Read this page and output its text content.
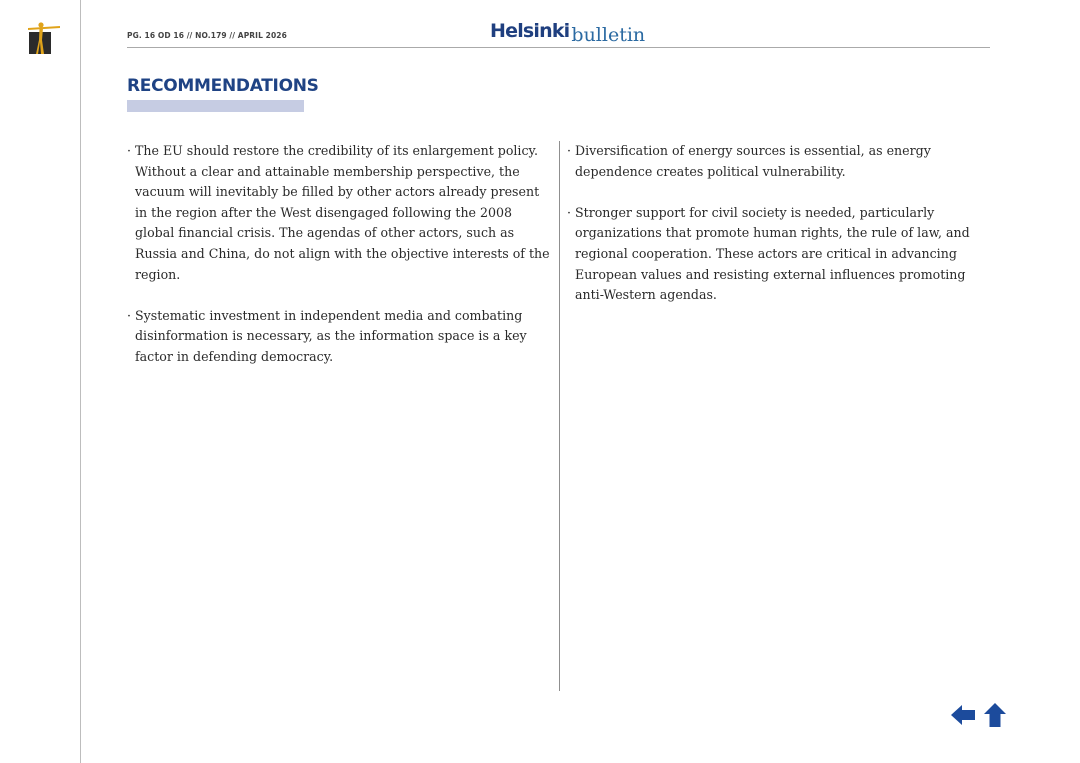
PG. 16 OD 16 // NO.179 // APRIL 2026	Helsinki bulletin
RECOMMENDATIONS

· The EU should restore the credibility of its enlargement policy. Without a clear and attainable membership perspective, the vacuum will inevitably be filled by other actors already present in the region after the West disengaged following the 2008 global financial crisis. The agendas of other actors, such as Russia and China, do not align with the objective interests of the region.

· Systematic investment in independent media and combating disinformation is necessary, as the information space is a key factor in defending democracy.

· Diversification of energy sources is essential, as energy dependence creates political vulnerability.

· Stronger support for civil society is needed, particularly organizations that promote human rights, the rule of law, and regional cooperation. These actors are critical in advancing European values and resisting external influences promoting anti-Western agendas.
